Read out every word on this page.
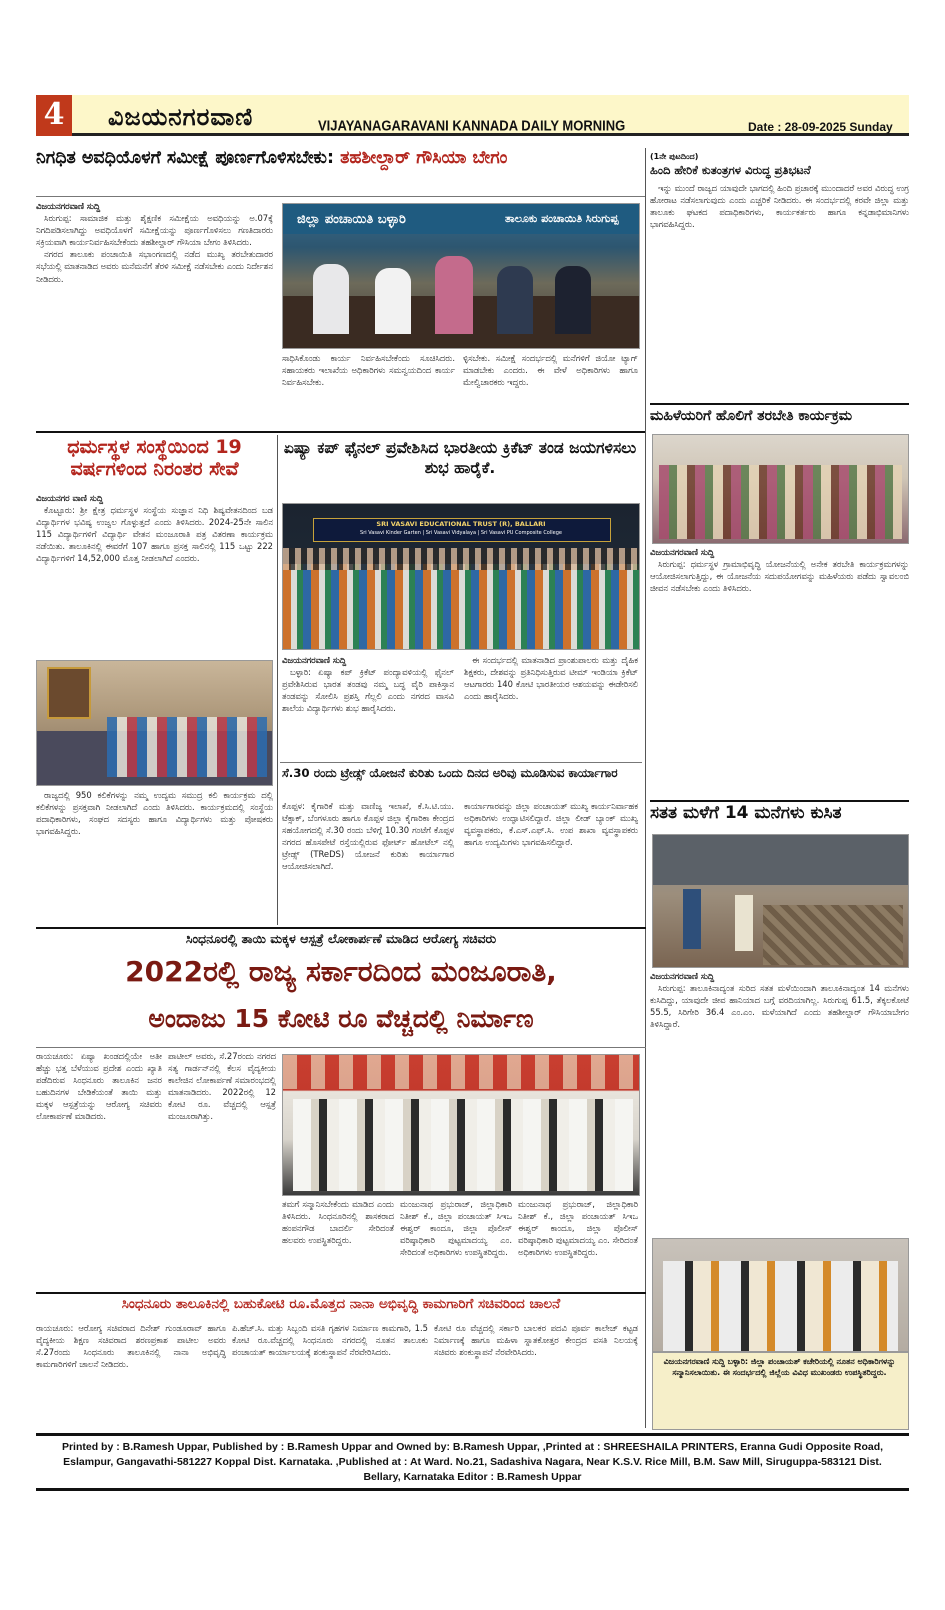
4	ವಿಜಯನಗರವಾಣಿ	VIJAYANAGARAVANI KANNADA DAILY MORNING	Date : 28-09-2025 Sunday
ನಿಗಧಿತ ಅವಧಿಯೊಳಗೆ ಸಮೀಕ್ಷೆ ಪೂರ್ಣಗೊಳಿಸಬೇಕು: ತಹಶೀಲ್ದಾರ್ ಗೌಸಿಯಾ ಬೇಗಂ
ವಿಜಯನಗರವಾಣಿ ಸುದ್ದಿ

ಸಿರುಗುಪ್ಪ: ಸಾಮಾಜಿಕ ಮತ್ತು ಶೈಕ್ಷಣಿಕ ಸಮೀಕ್ಷೆಯ ಅವಧಿಯನ್ನು ಅ.07ಕ್ಕೆ ನಿಗದಿಪಡಿಸಲಾಗಿದ್ದು ಅವಧಿಯೊಳಗೆ ಸಮೀಕ್ಷೆಯನ್ನು ಪೂರ್ಣಗೊಳಿಸಲು ಗಣತಿದಾರರು ಸಕ್ರಿಯವಾಗಿ ಕಾರ್ಯನಿರ್ವಹಿಸಬೇಕೆಂದು ತಹಶೀಲ್ದಾರ್ ಗೌಸಿಯಾ ಬೇಗಂ ತಿಳಿಸಿದರು.

ನಗರದ ತಾಲೂಕು ಪಂಚಾಯಿತಿ ಸಭಾಂಗಣದಲ್ಲಿ ನಡೆದ ಮುಖ್ಯ ತರಬೇತುದಾರರ ಸಭೆಯಲ್ಲಿ ಮಾತನಾಡಿದ ಅವರು ಮನೆಮನೆಗೆ ತೆರಳಿ ಸಮೀಕ್ಷೆ ನಡೆಸಬೇಕು ಎಂದು ನಿರ್ದೇಶನ ನೀಡಿದರು.

ಜಿಲ್ಲಾ ಪಂಚಾಯಿತಿ ಬಳ್ಳಾರಿ	ತಾಲೂಕು ಪಂಚಾಯಿತಿ ಸಿರುಗುಪ್ಪ
ಸಾಧಿಸಿಕೊಂಡು ಕಾರ್ಯ ನಿರ್ವಹಿಸಬೇಕೆಂದು ಸೂಚಿಸಿದರು. ಸಹಾಯಕರು ಇಲಾಖೆಯ ಅಧಿಕಾರಿಗಳು ಸಮನ್ವಯದಿಂದ ಕಾರ್ಯ ನಿರ್ವಹಿಸಬೇಕು.
ಳ್ಳಿಸಬೇಕು. ಸಮೀಕ್ಷೆ ಸಂದರ್ಭದಲ್ಲಿ ಮನೆಗಳಿಗೆ ಜಿಯೋ ಟ್ಯಾಗ್ ಮಾಡಬೇಕು ಎಂದರು. ಈ ವೇಳೆ ಅಧಿಕಾರಿಗಳು ಹಾಗೂ ಮೇಲ್ವಿಚಾರಕರು ಇದ್ದರು.
ಧರ್ಮಸ್ಥಳ ಸಂಸ್ಥೆಯಿಂದ 19 ವರ್ಷಗಳಿಂದ ನಿರಂತರ ಸೇವೆ
ವಿಜಯನಗರ ವಾಣಿ ಸುದ್ದಿ

ಕೊಟ್ಟೂರು: ಶ್ರೀ ಕ್ಷೇತ್ರ ಧರ್ಮಸ್ಥಳ ಸಂಸ್ಥೆಯ ಸುಜ್ಞಾನ ನಿಧಿ ಶಿಷ್ಯವೇತನದಿಂದ ಬಡ ವಿದ್ಯಾರ್ಥಿಗಳ ಭವಿಷ್ಯ ಉಜ್ವಲ ಗೊಳ್ಳುತ್ತದೆ ಎಂದು ತಿಳಿಸಿದರು. 2024-25ನೇ ಸಾಲಿನ 115 ವಿದ್ಯಾರ್ಥಿಗಳಿಗೆ ವಿದ್ಯಾರ್ಥಿ ವೇತನ ಮಂಜೂರಾತಿ ಪತ್ರ ವಿತರಣಾ ಕಾರ್ಯಕ್ರಮ ನಡೆಯಿತು. ತಾಲೂಕಿನಲ್ಲಿ ಈವರೆಗೆ 107 ಹಾಗೂ ಪ್ರಸಕ್ತ ಸಾಲಿನಲ್ಲಿ 115 ಒಟ್ಟು 222 ವಿದ್ಯಾರ್ಥಿಗಳಿಗೆ 14,52,000 ಮೊತ್ತ ನೀಡಲಾಗಿದೆ ಎಂದರು.

ರಾಜ್ಯದಲ್ಲಿ 950 ಕಲಿಕೆಗಳನ್ನು ನಮ್ಮ ಉದ್ಯಮ ಸಮುದ್ರ ಕಲಿ ಕಾರ್ಯಕ್ರಮ ದಲ್ಲಿ ಕಲಿಕೆಗಳನ್ನು ಪ್ರಸಕ್ತವಾಗಿ ನೀಡಲಾಗಿದೆ ಎಂದು ತಿಳಿಸಿದರು. ಕಾರ್ಯಕ್ರಮದಲ್ಲಿ ಸಂಸ್ಥೆಯ ಪದಾಧಿಕಾರಿಗಳು, ಸಂಘದ ಸದಸ್ಯರು ಹಾಗೂ ವಿದ್ಯಾರ್ಥಿಗಳು ಮತ್ತು ಪೋಷಕರು ಭಾಗವಹಿಸಿದ್ದರು.

ಏಷ್ಯಾ ಕಪ್ ಫೈನಲ್ ಪ್ರವೇಶಿಸಿದ ಭಾರತೀಯ ಕ್ರಿಕೆಟ್ ತಂಡ ಜಯಗಳಿಸಲು ಶುಭ ಹಾರೈಕೆ.
SRI VASAVI EDUCATIONAL TRUST (R), BALLARI
Sri Vasavi Kinder Garten | Sri Vasavi Vidyalaya | Sri Vasavi PU Composite College
ವಿಜಯನಗರವಾಣಿ ಸುದ್ದಿ

ಬಳ್ಳಾರಿ: ಏಷ್ಯಾ ಕಪ್ ಕ್ರಿಕೆಟ್ ಪಂದ್ಯಾವಳಿಯಲ್ಲಿ ಫೈನಲ್ ಪ್ರವೇಶಿಸಿರುವ ಭಾರತ ತಂಡವು ನಮ್ಮ ಬದ್ಧ ವೈರಿ ಪಾಕಿಸ್ತಾನ ತಂಡವನ್ನು ಸೋಲಿಸಿ ಪ್ರಶಸ್ತಿ ಗೆಲ್ಲಲಿ ಎಂದು ನಗರದ ವಾಸವಿ ಶಾಲೆಯ ವಿದ್ಯಾರ್ಥಿಗಳು ಶುಭ ಹಾರೈಸಿದರು.

ಈ ಸಂದರ್ಭದಲ್ಲಿ ಮಾತನಾಡಿದ ಪ್ರಾಂಶುಪಾಲರು ಮತ್ತು ದೈಹಿಕ ಶಿಕ್ಷಕರು, ದೇಶವನ್ನು ಪ್ರತಿನಿಧಿಸುತ್ತಿರುವ ಟೀಮ್ ಇಂಡಿಯಾ ಕ್ರಿಕೆಟ್ ಆಟಗಾರರು 140 ಕೋಟಿ ಭಾರತೀಯರ ಆಶಯವನ್ನು ಈಡೇರಿಸಲಿ ಎಂದು ಹಾರೈಸಿದರು.

ಸೆ.30 ರಂದು ಟ್ರೇಡ್ಸ್ ಯೋಜನೆ ಕುರಿತು ಒಂದು ದಿನದ ಅರಿವು ಮೂಡಿಸುವ ಕಾರ್ಯಾಗಾರ
ಕೊಪ್ಪಳ: ಕೈಗಾರಿಕೆ ಮತ್ತು ವಾಣಿಜ್ಯ ಇಲಾಖೆ, ಕೆ.ಸಿ.ಟಿ.ಯು. ಟೆಕ್ಸಾಕ್, ಬೆಂಗಳೂರು ಹಾಗೂ ಕೊಪ್ಪಳ ಜಿಲ್ಲಾ ಕೈಗಾರಿಕಾ ಕೇಂದ್ರದ ಸಹಯೋಗದಲ್ಲಿ ಸೆ.30 ರಂದು ಬೆಳಿಗ್ಗೆ 10.30 ಗಂಟೆಗೆ ಕೊಪ್ಪಳ ನಗರದ ಹೊಸಪೇಟೆ ರಸ್ತೆಯಲ್ಲಿರುವ ಫೋರ್ಟ್ ಹೋಟೆಲ್ ನಲ್ಲಿ ಟ್ರೇಡ್ಸ್ (TReDS) ಯೋಜನೆ ಕುರಿತು ಕಾರ್ಯಾಗಾರ ಆಯೋಜಿಸಲಾಗಿದೆ.
ಕಾರ್ಯಾಗಾರವನ್ನು ಜಿಲ್ಲಾ ಪಂಚಾಯತ್ ಮುಖ್ಯ ಕಾರ್ಯನಿರ್ವಾಹಕ ಅಧಿಕಾರಿಗಳು ಉದ್ಘಾಟಿಸಲಿದ್ದಾರೆ. ಜಿಲ್ಲಾ ಲೀಡ್ ಬ್ಯಾಂಕ್ ಮುಖ್ಯ ವ್ಯವಸ್ಥಾಪಕರು, ಕೆ.ಎಸ್.ಎಫ್.ಸಿ. ಉಪ ಶಾಖಾ ವ್ಯವಸ್ಥಾಪಕರು ಹಾಗೂ ಉದ್ಯಮಿಗಳು ಭಾಗವಹಿಸಲಿದ್ದಾರೆ.
ಸಿಂಧನೂರಲ್ಲಿ ತಾಯಿ ಮಕ್ಕಳ ಆಸ್ಪತ್ರೆ ಲೋಕಾರ್ಪಣೆ ಮಾಡಿದ ಆರೋಗ್ಯ ಸಚಿವರು
2022ರಲ್ಲಿ ರಾಜ್ಯ ಸರ್ಕಾರದಿಂದ ಮಂಜೂರಾತಿ,
ಅಂದಾಜು 15 ಕೋಟಿ ರೂ ವೆಚ್ಚದಲ್ಲಿ ನಿರ್ಮಾಣ
ರಾಯಚೂರು: ಏಷ್ಯಾ ಖಂಡದಲ್ಲಿಯೇ ಅತೀ ಹೆಚ್ಚು ಭತ್ತ ಬೆಳೆಯುವ ಪ್ರದೇಶ ಎಂದು ಖ್ಯಾತಿ ಪಡೆದಿರುವ ಸಿಂಧನೂರು ತಾಲೂಕಿನ ಜನರ ಬಹುದಿನಗಳ ಬೇಡಿಕೆಯಂತೆ ತಾಯಿ ಮತ್ತು ಮಕ್ಕಳ ಆಸ್ಪತ್ರೆಯನ್ನು ಆರೋಗ್ಯ ಸಚಿವರು ಲೋಕಾರ್ಪಣೆ ಮಾಡಿದರು.
ಪಾಟೀಲ್ ಅವರು, ಸೆ.27ರಂದು ನಗರದ ಸತ್ಯ ಗಾರ್ಡನ್‌ನಲ್ಲಿ ಕೆಲಸ ವೈದ್ಯಕೀಯ ಕಾಲೇಜಿನ ಲೋಕಾರ್ಪಣೆ ಸಮಾರಂಭದಲ್ಲಿ ಮಾತನಾಡಿದರು. 2022ರಲ್ಲಿ 12 ಕೋಟಿ ರೂ. ವೆಚ್ಚದಲ್ಲಿ ಆಸ್ಪತ್ರೆ ಮಂಜೂರಾಗಿತ್ತು.
ತಮಗೆ ಸನ್ಮಾನಿಸಬೇಕೆಂದು ಮಾಡಿದ ಎಂದು ತಿಳಿಸಿದರು. ಸಿಂಧನೂರಿನಲ್ಲಿ ಶಾಸಕರಾದ ಹಂಪನಗೌಡ ಬಾದರ್ಲಿ ಸೇರಿದಂತೆ ಹಲವರು ಉಪಸ್ಥಿತರಿದ್ದರು.
ಮಂಜುನಾಥ ಪ್ರಭುರಾಜ್, ಜಿಲ್ಲಾಧಿಕಾರಿ ನಿತೀಶ್ ಕೆ., ಜಿಲ್ಲಾ ಪಂಚಾಯತ್ ಸಿಇಒ ಈಶ್ವರ್ ಕಾಂದೂ, ಜಿಲ್ಲಾ ಪೊಲೀಸ್ ವರಿಷ್ಠಾಧಿಕಾರಿ ಪುಟ್ಟಮಾದಯ್ಯ ಎಂ. ಸೇರಿದಂತೆ ಅಧಿಕಾರಿಗಳು ಉಪಸ್ಥಿತರಿದ್ದರು.
ಮಂಜುನಾಥ ಪ್ರಭುರಾಜ್, ಜಿಲ್ಲಾಧಿಕಾರಿ ನಿತೀಶ್ ಕೆ., ಜಿಲ್ಲಾ ಪಂಚಾಯತ್ ಸಿಇಒ ಈಶ್ವರ್ ಕಾಂದೂ, ಜಿಲ್ಲಾ ಪೊಲೀಸ್ ವರಿಷ್ಠಾಧಿಕಾರಿ ಪುಟ್ಟಮಾದಯ್ಯ ಎಂ. ಸೇರಿದಂತೆ ಅಧಿಕಾರಿಗಳು ಉಪಸ್ಥಿತರಿದ್ದರು.
ಸಿಂಧನೂರು ತಾಲೂಕಿನಲ್ಲಿ ಬಹುಕೋಟಿ ರೂ.ಮೊತ್ತದ ನಾನಾ ಅಭಿವೃದ್ಧಿ ಕಾಮಗಾರಿಗೆ ಸಚಿವರಿಂದ ಚಾಲನೆ
ರಾಯಚೂರು: ಆರೋಗ್ಯ ಸಚಿವರಾದ ದಿನೇಶ್ ಗುಂಡೂರಾವ್ ಹಾಗೂ ವೈದ್ಯಕೀಯ ಶಿಕ್ಷಣ ಸಚಿವರಾದ ಶರಣಪ್ರಕಾಶ ಪಾಟೀಲ ಅವರು ಸೆ.27ರಂದು ಸಿಂಧನೂರು ತಾಲೂಕಿನಲ್ಲಿ ನಾನಾ ಅಭಿವೃದ್ಧಿ ಕಾಮಗಾರಿಗಳಿಗೆ ಚಾಲನೆ ನೀಡಿದರು.
ಪಿ.ಹೆಚ್.ಸಿ. ಮತ್ತು ಸಿಬ್ಬಂದಿ ವಸತಿ ಗೃಹಗಳ ನಿರ್ಮಾಣ ಕಾಮಗಾರಿ, 1.5 ಕೋಟಿ ರೂ.ವೆಚ್ಚದಲ್ಲಿ ಸಿಂಧನೂರು ನಗರದಲ್ಲಿ ನೂತನ ತಾಲೂಕು ಪಂಚಾಯತ್ ಕಾರ್ಯಾಲಯಕ್ಕೆ ಶಂಕುಸ್ಥಾಪನೆ ನೆರವೇರಿಸಿದರು.
ಕೋಟಿ ರೂ ವೆಚ್ಚದಲ್ಲಿ ಸರ್ಕಾರಿ ಬಾಲಕರ ಪದವಿ ಪೂರ್ವ ಕಾಲೇಜ್ ಕಟ್ಟಡ ನಿರ್ಮಾಣಕ್ಕೆ ಹಾಗೂ ಮಹಿಳಾ ಸ್ನಾತಕೋತ್ತರ ಕೇಂದ್ರದ ವಸತಿ ನಿಲಯಕ್ಕೆ ಸಚಿವರು ಶಂಕುಸ್ಥಾಪನೆ ನೆರವೇರಿಸಿದರು.
(1ನೇ ಪುಟದಿಂದ)
ಹಿಂದಿ ಹೇರಿಕೆ ಕುತಂತ್ರಗಳ ವಿರುದ್ಧ ಪ್ರತಿಭಟನೆ

ಇನ್ನು ಮುಂದೆ ರಾಜ್ಯದ ಯಾವುದೇ ಭಾಗದಲ್ಲಿ ಹಿಂದಿ ಪ್ರಚಾರಕ್ಕೆ ಮುಂದಾದರೆ ಅವರ ವಿರುದ್ಧ ಉಗ್ರ ಹೋರಾಟ ನಡೆಸಲಾಗುವುದು ಎಂದು ಎಚ್ಚರಿಕೆ ನೀಡಿದರು. ಈ ಸಂದರ್ಭದಲ್ಲಿ ಕರವೇ ಜಿಲ್ಲಾ ಮತ್ತು ತಾಲೂಕು ಘಟಕದ ಪದಾಧಿಕಾರಿಗಳು, ಕಾರ್ಯಕರ್ತರು ಹಾಗೂ ಕನ್ನಡಾಭಿಮಾನಿಗಳು ಭಾಗವಹಿಸಿದ್ದರು.

ಮಹಿಳೆಯರಿಗೆ ಹೊಲಿಗೆ ತರಬೇತಿ ಕಾರ್ಯಕ್ರಮ
ವಿಜಯನಗರವಾಣಿ ಸುದ್ದಿ

ಸಿರುಗುಪ್ಪ: ಧರ್ಮಸ್ಥಳ ಗ್ರಾಮಾಭಿವೃದ್ಧಿ ಯೋಜನೆಯಲ್ಲಿ ಅನೇಕ ತರಬೇತಿ ಕಾರ್ಯಕ್ರಮಗಳನ್ನು ಆಯೋಜಿಸಲಾಗುತ್ತಿದ್ದು, ಈ ಯೋಜನೆಯ ಸದುಪಯೋಗವನ್ನು ಮಹಿಳೆಯರು ಪಡೆದು ಸ್ವಾವಲಂಬಿ ಜೀವನ ನಡೆಸಬೇಕು ಎಂದು ತಿಳಿಸಿದರು.

ಸತತ ಮಳೆಗೆ 14 ಮನೆಗಳು ಕುಸಿತ
ವಿಜಯನಗರವಾಣಿ ಸುದ್ದಿ

ಸಿರುಗುಪ್ಪ: ತಾಲೂಕಿನಾದ್ಯಂತ ಸುರಿದ ಸತತ ಮಳೆಯಿಂದಾಗಿ ತಾಲೂಕಿನಾದ್ಯಂತ 14 ಮನೆಗಳು ಕುಸಿದಿದ್ದು, ಯಾವುದೇ ಜೀವ ಹಾನಿಯಾದ ಬಗ್ಗೆ ವರದಿಯಾಗಿಲ್ಲ. ಸಿರುಗುಪ್ಪ 61.5, ತೆಕ್ಕಲಕೋಟೆ 55.5, ಸಿರಿಗೇರಿ 36.4 ಎಂ.ಎಂ. ಮಳೆಯಾಗಿದೆ ಎಂದು ತಹಶೀಲ್ದಾರ್ ಗೌಸಿಯಾಬೇಗಂ ತಿಳಿಸಿದ್ದಾರೆ.

ವಿಜಯನಗರವಾಣಿ ಸುದ್ದಿ ಬಳ್ಳಾರಿ: ಜಿಲ್ಲಾ ಪಂಚಾಯತ್ ಕಚೇರಿಯಲ್ಲಿ ನೂತನ ಅಧಿಕಾರಿಗಳನ್ನು ಸನ್ಮಾನಿಸಲಾಯಿತು. ಈ ಸಂದರ್ಭದಲ್ಲಿ ಜಿಲ್ಲೆಯ ವಿವಿಧ ಮುಖಂಡರು ಉಪಸ್ಥಿತರಿದ್ದರು.
Printed by : B.Ramesh Uppar, Published by : B.Ramesh Uppar and Owned by: B.Ramesh Uppar, ,Printed at : SHREESHAILA PRINTERS, Eranna Gudi Opposite Road,
Eslampur, Gangavathi-581227 Koppal Dist. Karnataka. ,Published at : At Ward. No.21, Sadashiva Nagara, Near K.S.V. Rice Mill, B.M. Saw Mill, Siruguppa-583121 Dist.
Bellary, Karnataka Editor : B.Ramesh Uppar
